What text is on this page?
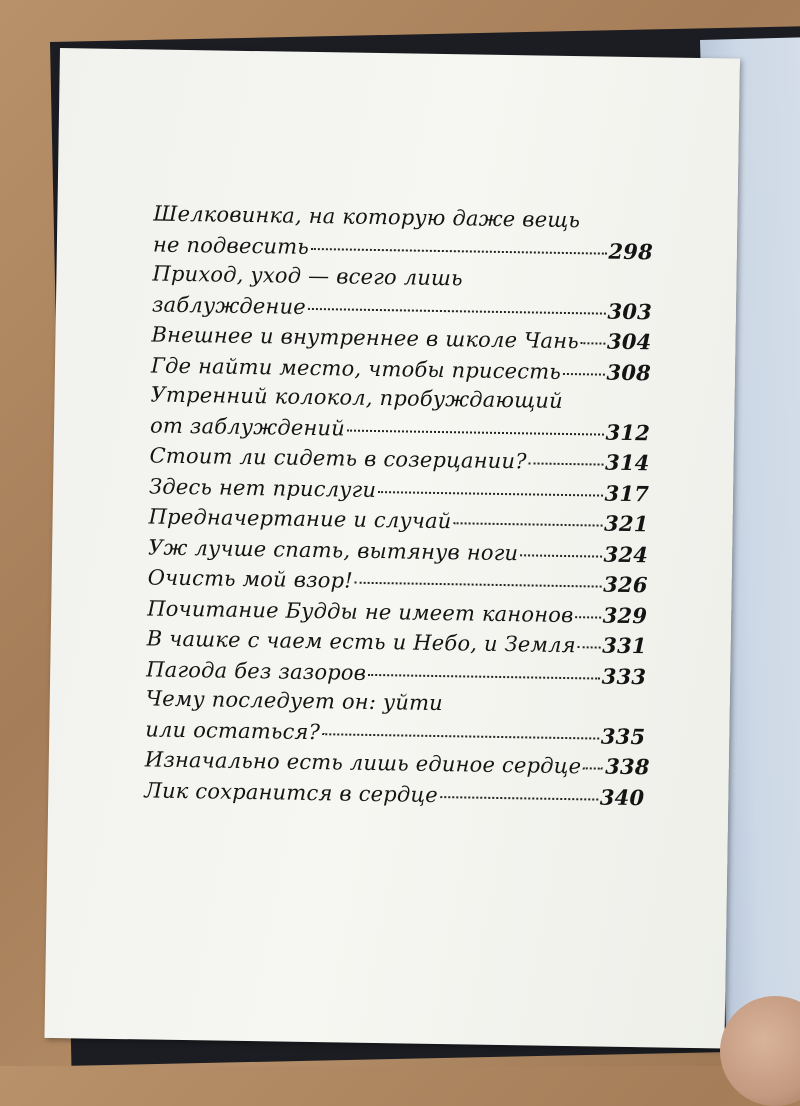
Шелковинка, на которую даже вещь
не подвесить	298
Приход, уход — всего лишь
заблуждение	303
Внешнее и внутреннее в школе Чань 304
Где найти место, чтобы присесть 308
Утренний колокол, пробуждающий
от заблуждений	312
Стоит ли сидеть в созерцании?	314
Здесь нет прислуги	317
Предначертание и случай	321
Уж лучше спать, вытянув ноги	324
Очисть мой взор!	326
Почитание Будды не имеет канонов 329
В чашке с чаем есть и Небо, и Земля 331
Пагода без зазоров	333
Чему последует он: уйти
или остаться?	335
Изначально есть лишь единое сердце 338
Лик сохранится в сердце	340
